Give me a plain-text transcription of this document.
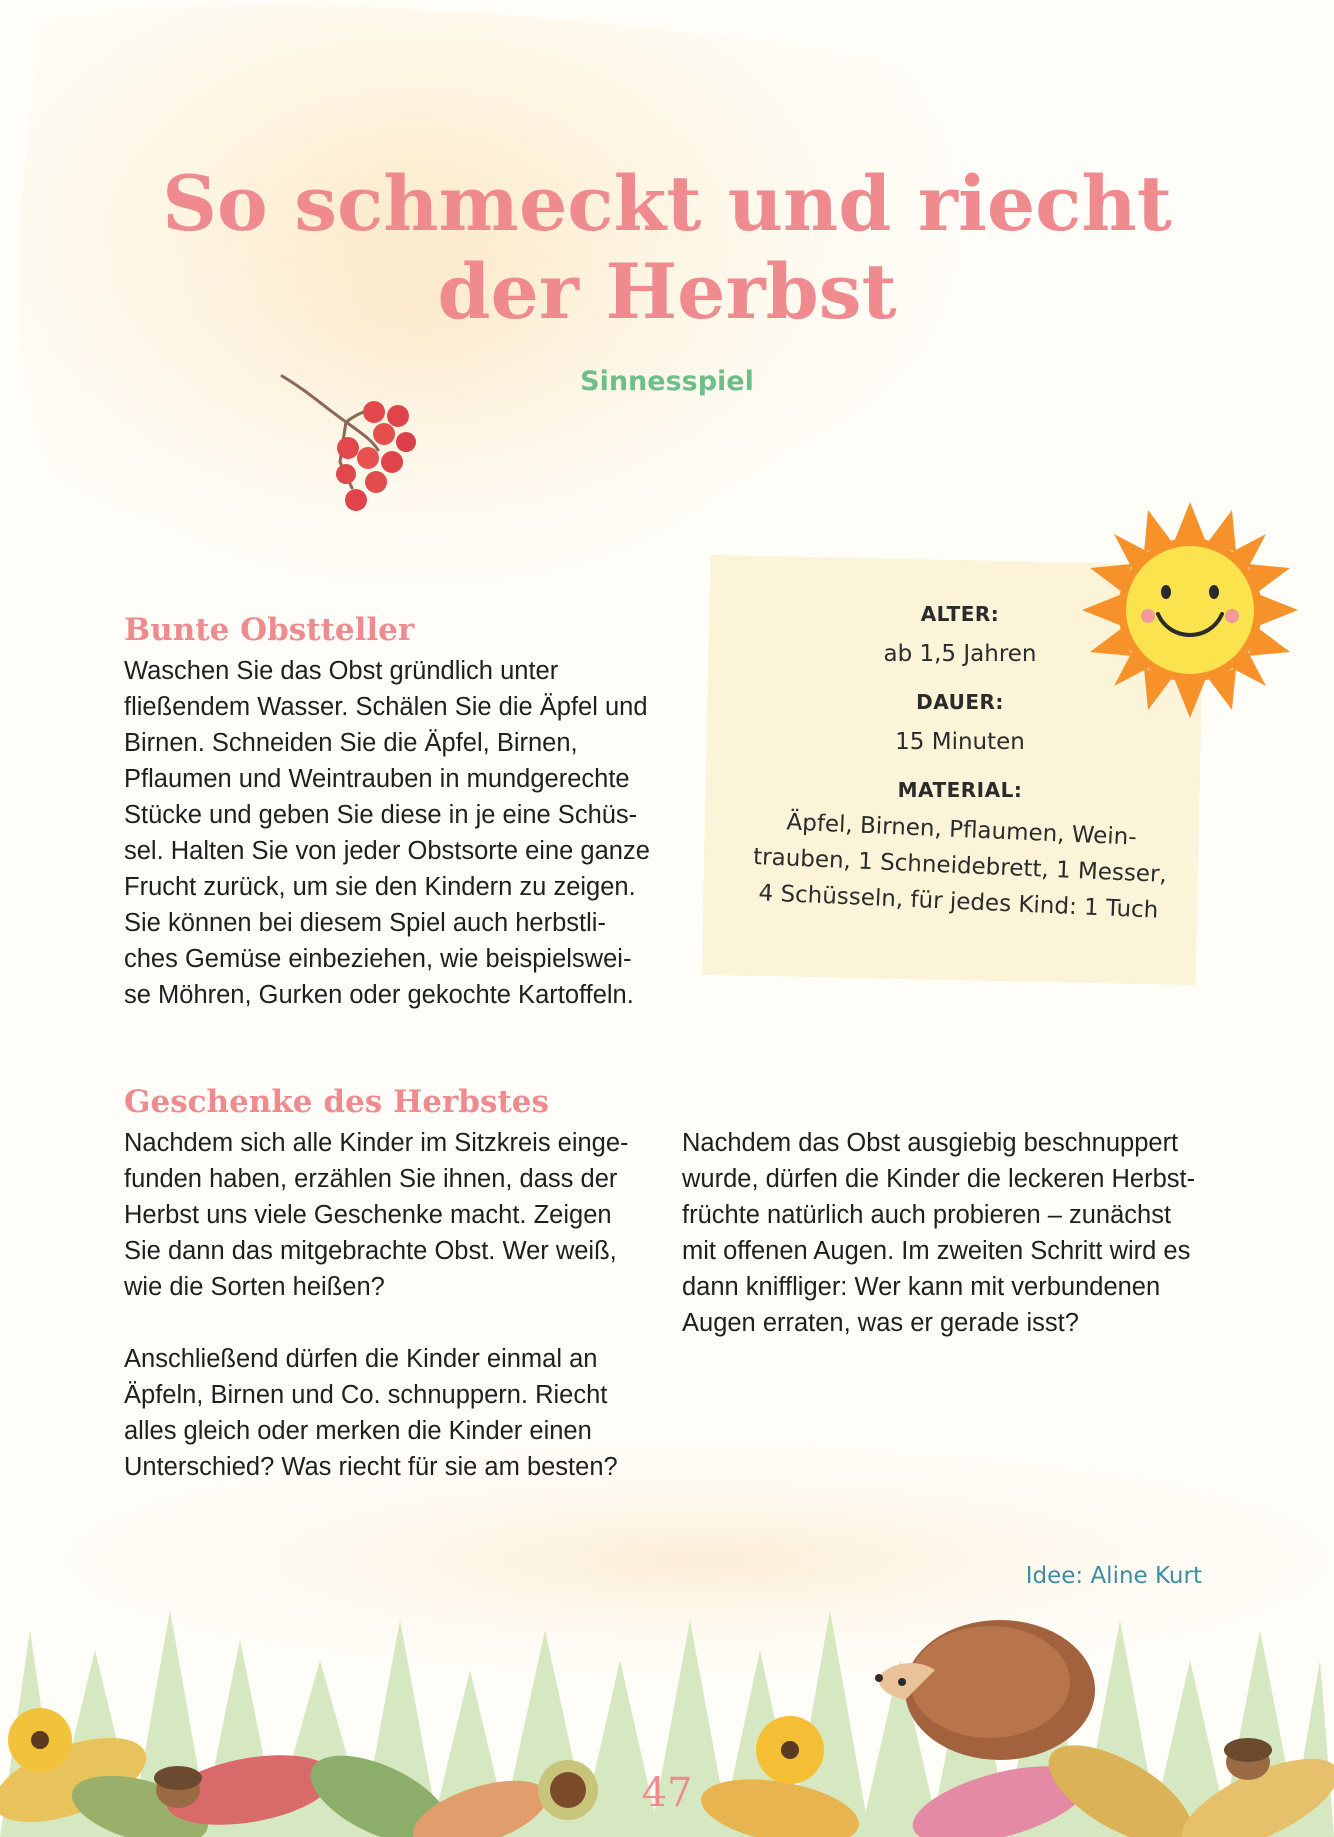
So schmeckt und riecht
der Herbst
Sinnesspiel
ALTER:
ab 1,5 Jahren
DAUER:
15 Minuten
MATERIAL:
Äpfel, Birnen, Pflaumen, Wein-
trauben, 1 Schneidebrett, 1 Messer,
4 Schüsseln, für jedes Kind: 1 Tuch
Bunte Obstteller
Waschen Sie das Obst gründlich unter
fließendem Wasser. Schälen Sie die Äpfel und
Birnen. Schneiden Sie die Äpfel, Birnen,
Pflaumen und Weintrauben in mundgerechte
Stücke und geben Sie diese in je eine Schüs-
sel. Halten Sie von jeder Obstsorte eine ganze
Frucht zurück, um sie den Kindern zu zeigen.
Sie können bei diesem Spiel auch herbstli-
ches Gemüse einbeziehen, wie beispielswei-
se Möhren, Gurken oder gekochte Kartoffeln.
Geschenke des Herbstes
Nachdem sich alle Kinder im Sitzkreis einge-
funden haben, erzählen Sie ihnen, dass der
Herbst uns viele Geschenke macht. Zeigen
Sie dann das mitgebrachte Obst. Wer weiß,
wie die Sorten heißen?
Anschließend dürfen die Kinder einmal an
Äpfeln, Birnen und Co. schnuppern. Riecht
alles gleich oder merken die Kinder einen
Unterschied? Was riecht für sie am besten?
Nachdem das Obst ausgiebig beschnuppert
wurde, dürfen die Kinder die leckeren Herbst-
früchte natürlich auch probieren – zunächst
mit offenen Augen. Im zweiten Schritt wird es
dann kniffliger: Wer kann mit verbundenen
Augen erraten, was er gerade isst?
Idee: Aline Kurt
47
